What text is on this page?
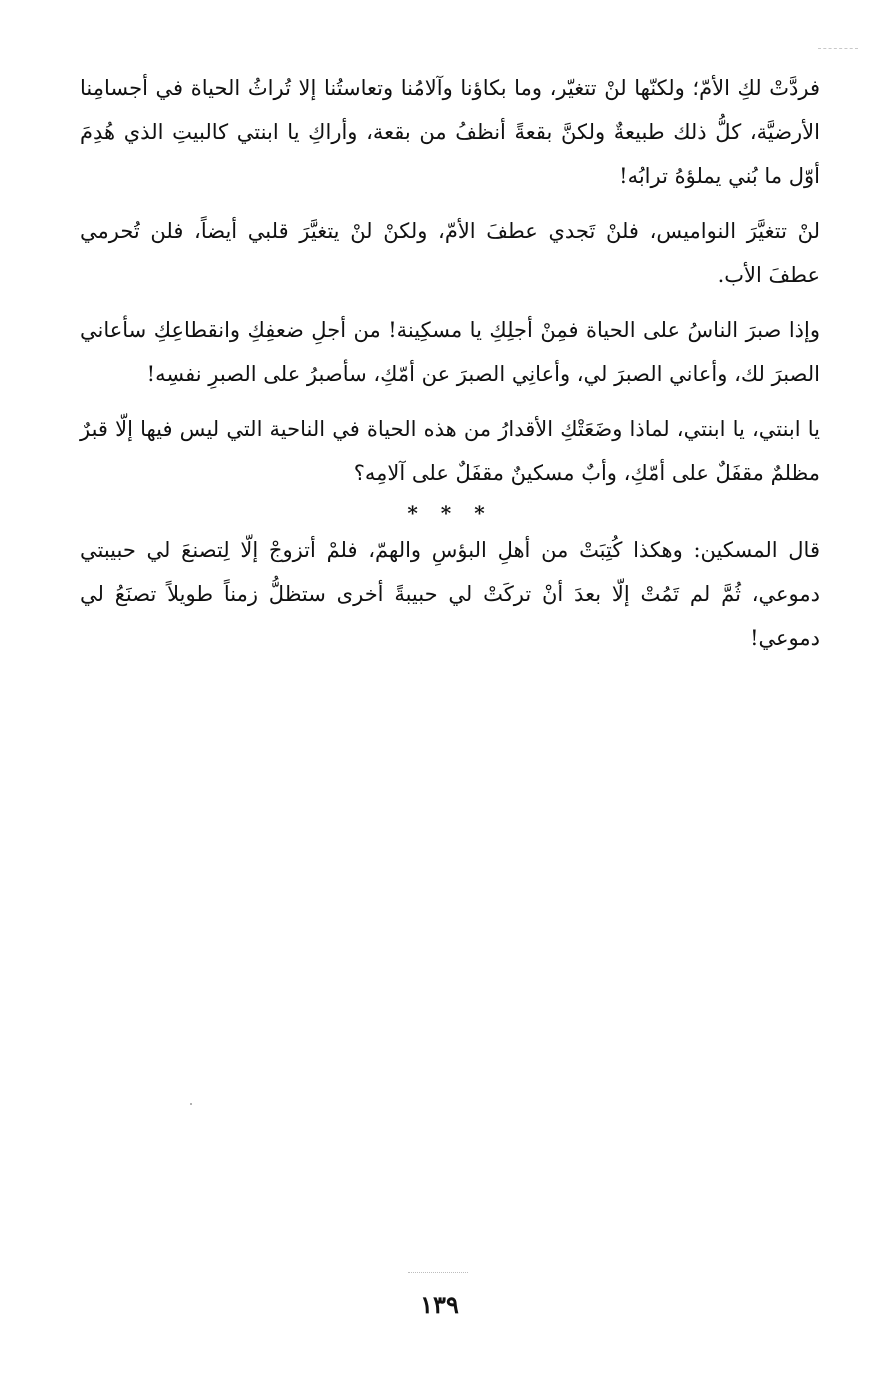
فردَّتْ لكِ الأمّ؛ ولكنّها لنْ تتغيّر، وما بكاؤنا وآلامُنا وتعاستُنا إلا تُراثُ الحياة في أجسامِنا الأرضيَّة، كلُّ ذلك طبيعةٌ ولكنَّ بقعةً أنظفُ من بقعة، وأراكِ يا ابنتي كالبيتِ الذي هُدِمَ أوّل ما بُني يملؤهُ ترابُه!

لنْ تتغيَّرَ النواميس، فلنْ تَجدي عطفَ الأمّ، ولكنْ لنْ يتغيَّرَ قلبي أيضاً، فلن تُحرمي عطفَ الأب.

وإذا صبرَ الناسُ على الحياة فمِنْ أجلِكِ يا مسكِينة! من أجلِ ضعفِكِ وانقطاعِكِ سأعاني الصبرَ لك، وأعاني الصبرَ لي، وأعانِي الصبرَ عن أمّكِ، سأصبرُ على الصبرِ نفسِه!

يا ابنتي، يا ابنتي، لماذا وضَعَتْكِ الأقدارُ من هذه الحياة في الناحية التي ليس فيها إلّا قبرٌ مظلمٌ مقفَلٌ على أمّكِ، وأبٌ مسكينٌ مقفَلٌ على آلامِه؟

* * *

قال المسكين: وهكذا كُتِبَتْ من أهلِ البؤسِ والهمّ، فلمْ أتزوجْ إلّا لِتصنعَ لي حبيبتي دموعي، ثُمَّ لم تَمُتْ إلّا بعدَ أنْ تركَتْ لي حبيبةً أخرى ستظلُّ زمناً طويلاً تصنَعُ لي دموعي!

١٣٩
